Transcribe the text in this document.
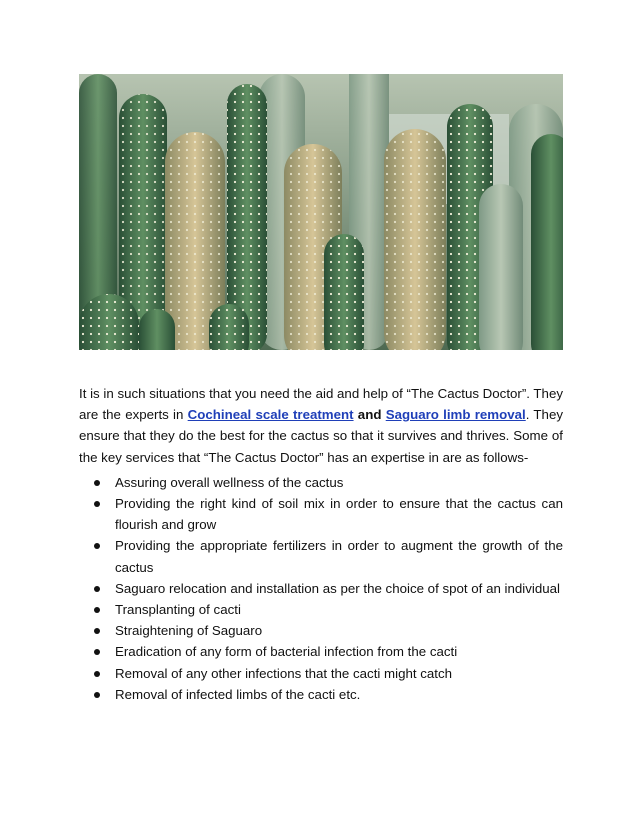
It is in such situations that you need the aid and help of “The Cactus Doctor”. They are the experts in Cochineal scale treatment and Saguaro limb removal. They ensure that they do the best for the cactus so that it survives and thrives. Some of the key services that “The Cactus Doctor” has an expertise in are as follows-

Assuring overall wellness of the cactus
Providing the right kind of soil mix in order to ensure that the cactus can flourish and grow
Providing the appropriate fertilizers in order to augment the growth of the cactus
Saguaro relocation and installation as per the choice of spot of an individual
Transplanting of cacti
Straightening of Saguaro
Eradication of any form of bacterial infection from the cacti
Removal of any other infections that the cacti might catch
Removal of infected limbs of the cacti etc.
